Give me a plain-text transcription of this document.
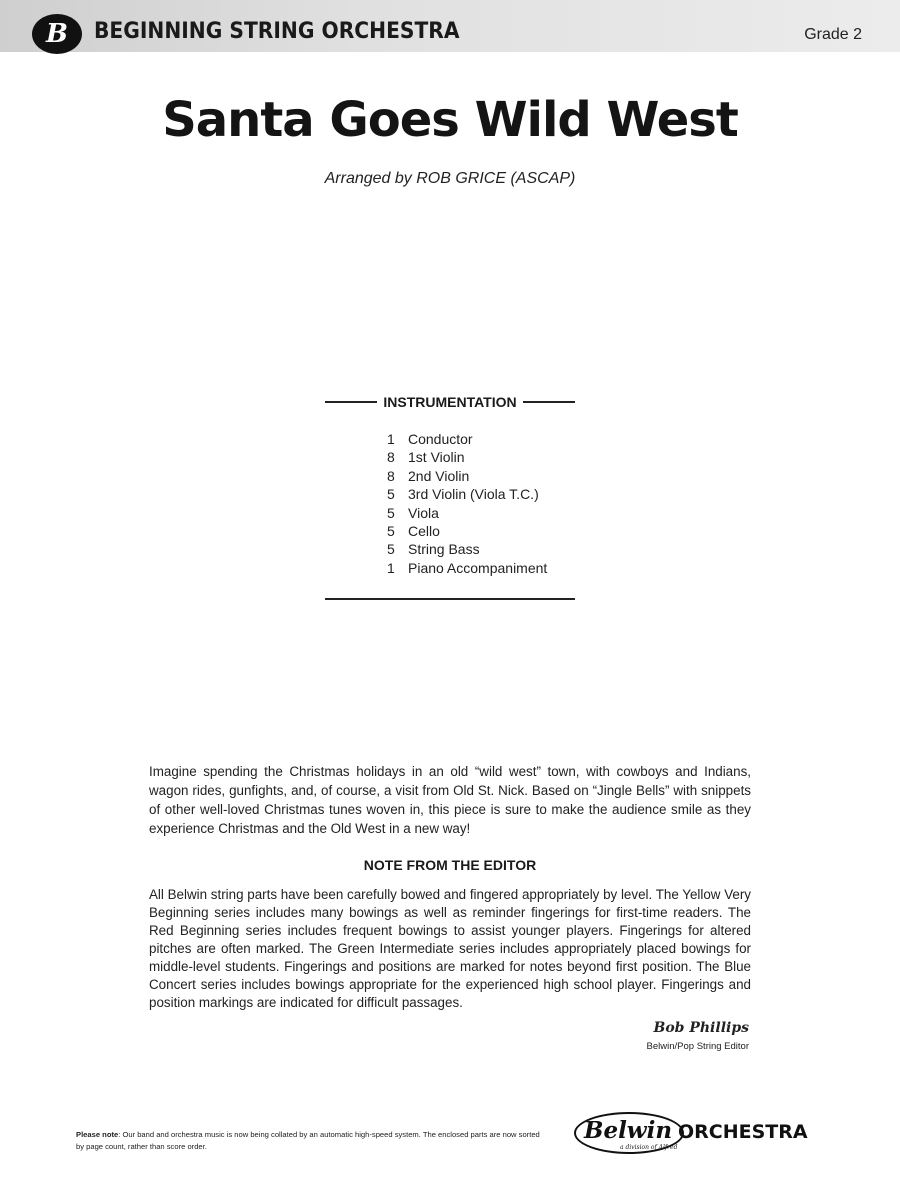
B BEGINNING STRING ORCHESTRA	Grade 2
Santa Goes Wild West
Arranged by ROB GRICE (ASCAP)
INSTRUMENTATION
1 Conductor
8 1st Violin
8 2nd Violin
5 3rd Violin (Viola T.C.)
5 Viola
5 Cello
5 String Bass
1 Piano Accompaniment

Imagine spending the Christmas holidays in an old “wild west” town, with cowboys and Indians, wagon rides, gunfights, and, of course, a visit from Old St. Nick. Based on “Jingle Bells” with snippets of other well-loved Christmas tunes woven in, this piece is sure to make the audience smile as they experience Christmas and the Old West in a new way!

NOTE FROM THE EDITOR

All Belwin string parts have been carefully bowed and fingered appropriately by level. The Yellow Very Beginning series includes many bowings as well as reminder fingerings for first-time readers. The Red Beginning series includes frequent bowings to assist younger players. Fingerings for altered pitches are often marked. The Green Intermediate series includes appropriately placed bowings for middle-level students. Fingerings and positions are marked for notes beyond first position. The Blue Concert series includes bowings appropriate for the experienced high school player. Fingerings and position markings are indicated for difficult passages.

Bob Phillips
Belwin/Pop String Editor

Please note: Our band and orchestra music is now being collated by an automatic high-speed system. The enclosed parts are now sorted by page count, rather than score order.

Belwin
a division of Alfred
ORCHESTRA
